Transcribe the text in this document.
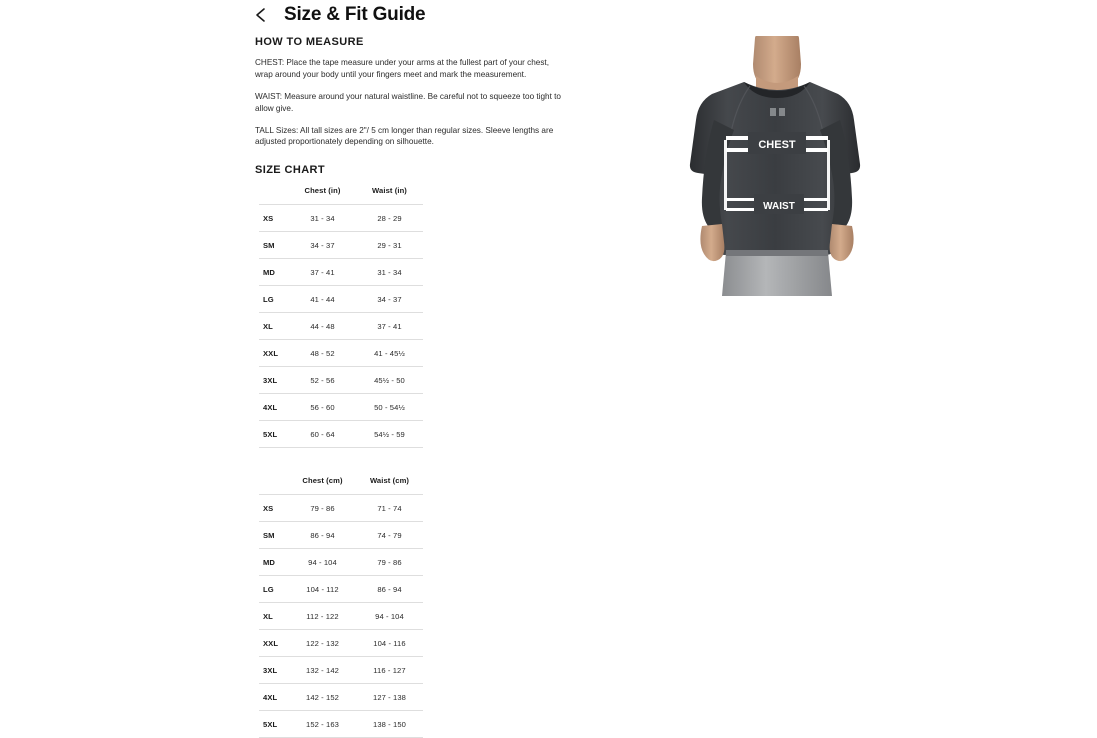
Size & Fit Guide
HOW TO MEASURE

CHEST: Place the tape measure under your arms at the fullest part of your chest, wrap around your body until your fingers meet and mark the measurement.

WAIST: Measure around your natural waistline. Be careful not to squeeze too tight to allow give.

TALL Sizes: All tall sizes are 2"/ 5 cm longer than regular sizes. Sleeve lengths are adjusted proportionately depending on silhouette.

SIZE CHART
	Chest (in)	Waist (in)
XS	31 - 34	28 - 29
SM	34 - 37	29 - 31
MD	37 - 41	31 - 34
LG	41 - 44	34 - 37
XL	44 - 48	37 - 41
XXL	48 - 52	41 - 45½
3XL	52 - 56	45½ - 50
4XL	56 - 60	50 - 54½
5XL	60 - 64	54½ - 59
	Chest (cm)	Waist (cm)
XS	79 - 86	71 - 74
SM	86 - 94	74 - 79
MD	94 - 104	79 - 86
LG	104 - 112	86 - 94
XL	112 - 122	94 - 104
XXL	122 - 132	104 - 116
3XL	132 - 142	116 - 127
4XL	142 - 152	127 - 138
5XL	152 - 163	138 - 150
CHEST
WAIST
